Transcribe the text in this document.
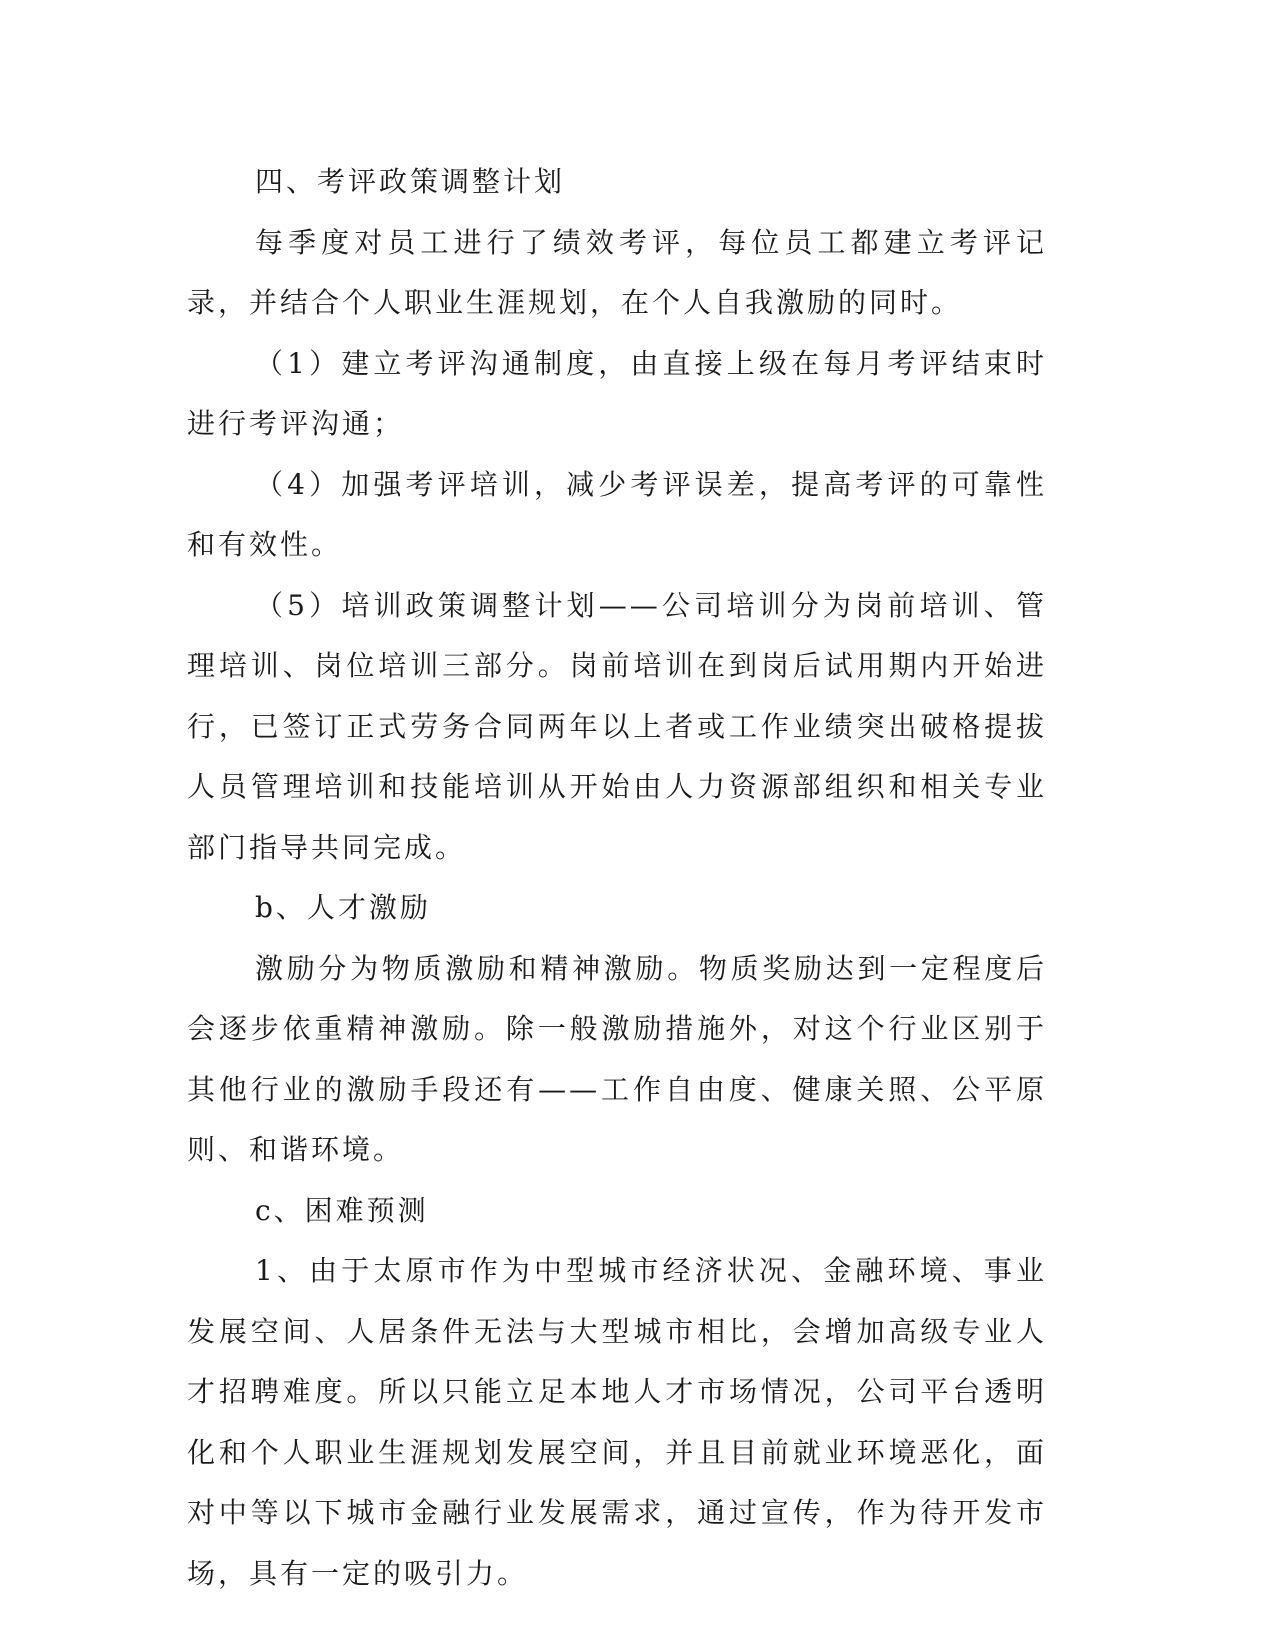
四、考评政策调整计划

每季度对员工进行了绩效考评，每位员工都建立考评记录，并结合个人职业生涯规划，在个人自我激励的同时。

（1）建立考评沟通制度，由直接上级在每月考评结束时进行考评沟通；

（4）加强考评培训，减少考评误差，提高考评的可靠性和有效性。

（5）培训政策调整计划——公司培训分为岗前培训、管理培训、岗位培训三部分。岗前培训在到岗后试用期内开始进行，已签订正式劳务合同两年以上者或工作业绩突出破格提拔人员管理培训和技能培训从开始由人力资源部组织和相关专业部门指导共同完成。

b、人才激励

激励分为物质激励和精神激励。物质奖励达到一定程度后会逐步依重精神激励。除一般激励措施外，对这个行业区别于其他行业的激励手段还有——工作自由度、健康关照、公平原则、和谐环境。

c、困难预测

1、由于太原市作为中型城市经济状况、金融环境、事业发展空间、人居条件无法与大型城市相比，会增加高级专业人才招聘难度。所以只能立足本地人才市场情况，公司平台透明化和个人职业生涯规划发展空间，并且目前就业环境恶化，面对中等以下城市金融行业发展需求，通过宣传，作为待开发市场，具有一定的吸引力。
